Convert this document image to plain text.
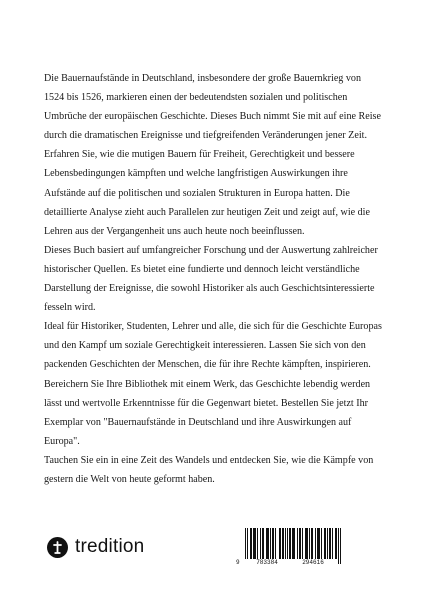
Die Bauernaufstände in Deutschland, insbesondere der große Bauernkrieg von 1524 bis 1526, markieren einen der bedeutendsten sozialen und politischen Umbrüche der europäischen Geschichte. Dieses Buch nimmt Sie mit auf eine Reise durch die dramatischen Ereignisse und tiefgreifenden Veränderungen jener Zeit.

Erfahren Sie, wie die mutigen Bauern für Freiheit, Gerechtigkeit und bessere Lebensbedingungen kämpften und welche langfristigen Auswirkungen ihre Aufstände auf die politischen und sozialen Strukturen in Europa hatten. Die detaillierte Analyse zieht auch Parallelen zur heutigen Zeit und zeigt auf, wie die Lehren aus der Vergangenheit uns auch heute noch beeinflussen.

Dieses Buch basiert auf umfangreicher Forschung und der Auswertung zahlreicher historischer Quellen. Es bietet eine fundierte und dennoch leicht verständliche Darstellung der Ereignisse, die sowohl Historiker als auch Geschichtsinteressierte fesseln wird.

Ideal für Historiker, Studenten, Lehrer und alle, die sich für die Geschichte Europas und den Kampf um soziale Gerechtigkeit interessieren. Lassen Sie sich von den packenden Geschichten der Menschen, die für ihre Rechte kämpften, inspirieren.

Bereichern Sie Ihre Bibliothek mit einem Werk, das Geschichte lebendig werden lässt und wertvolle Erkenntnisse für die Gegenwart bietet. Bestellen Sie jetzt Ihr Exemplar von "Bauernaufstände in Deutschland und ihre Auswirkungen auf Europa".

Tauchen Sie ein in eine Zeit des Wandels und entdecken Sie, wie die Kämpfe von gestern die Welt von heute geformt haben.

tredition
9	783384	294616
